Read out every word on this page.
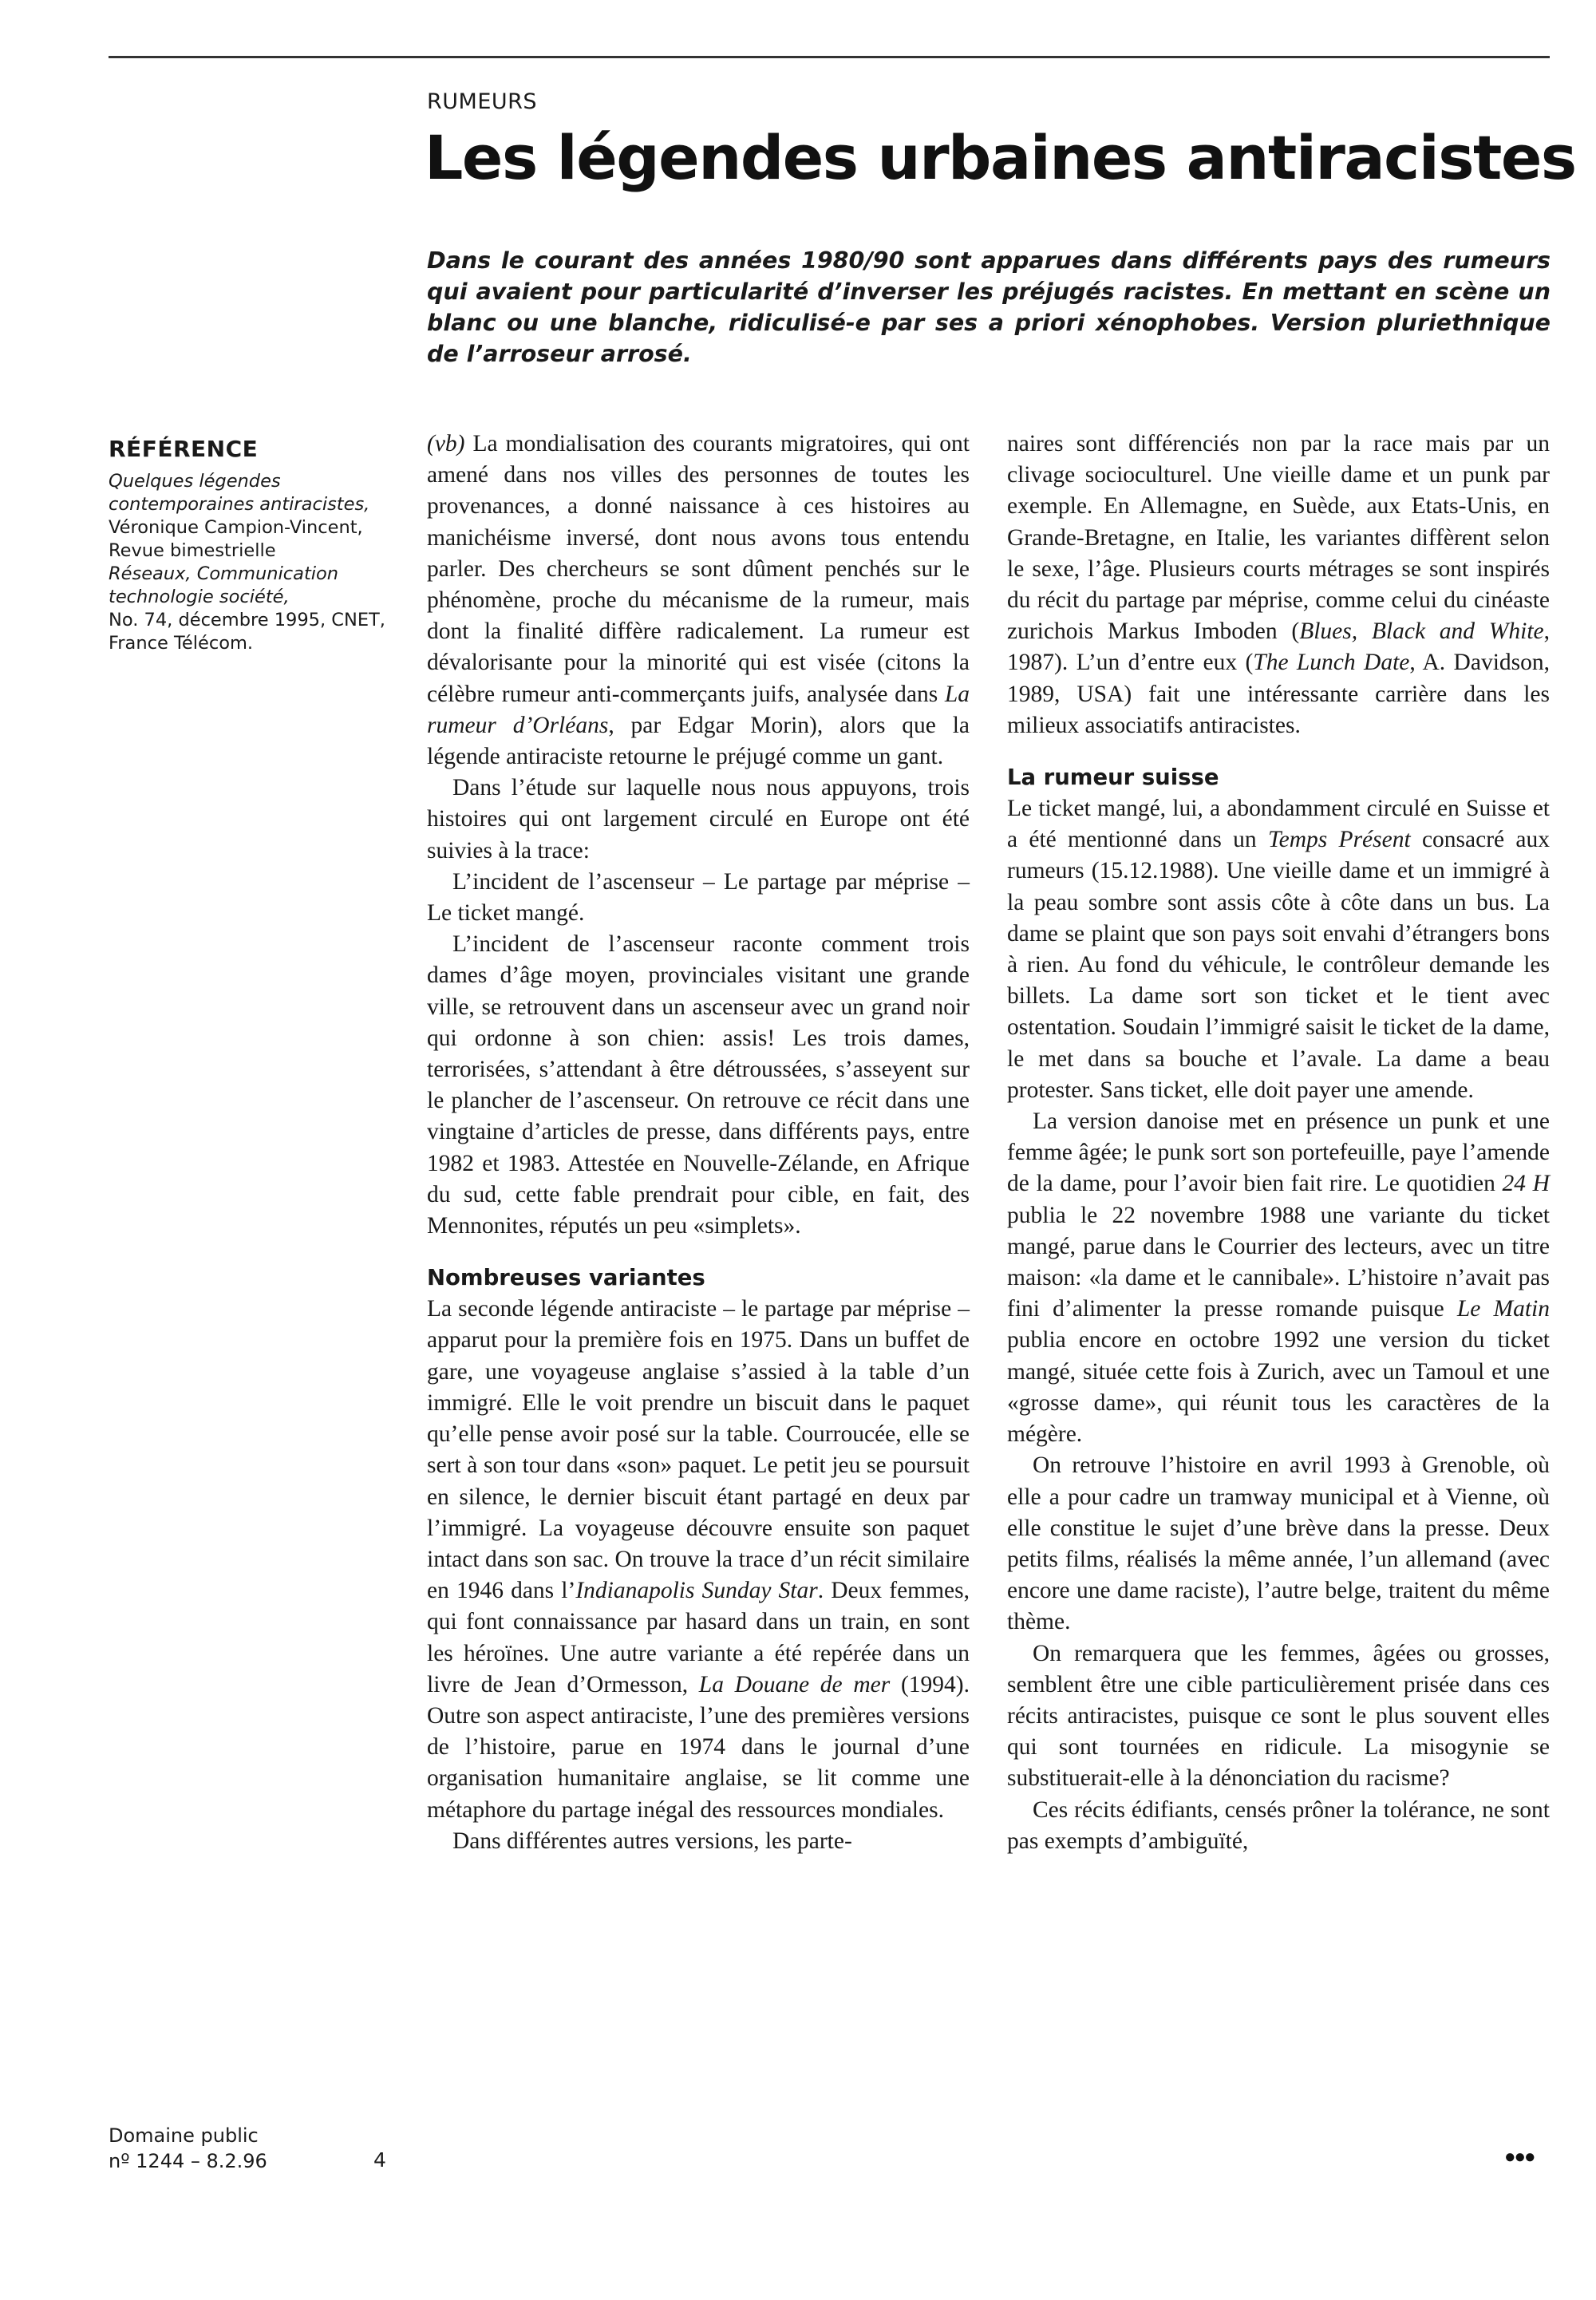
RUMEURS
Les légendes urbaines antiracistes

Dans le courant des années 1980/90 sont apparues dans différents pays des rumeurs qui avaient pour particularité d’inverser les préjugés racistes. En mettant en scène un blanc ou une blanche, ridiculisé-e par ses a priori xénophobes. Version pluriethnique de l’arroseur arrosé.

RÉFÉRENCE

Quelques légendes contemporaines antiracistes,

Véronique Campion-Vincent, Revue bimestrielle

Réseaux, Communication technologie société,

No. 74, décembre 1995, CNET, France Télécom.

Domaine public
nº 1244 – 8.2.96	4

(vb) La mondialisation des courants migratoires, qui ont amené dans nos villes des personnes de toutes les provenances, a donné naissance à ces histoires au manichéisme inversé, dont nous avons tous entendu parler. Des chercheurs se sont dûment penchés sur le phénomène, proche du mécanisme de la rumeur, mais dont la finalité diffère radicalement. La rumeur est dévalorisante pour la minorité qui est visée (citons la célèbre rumeur anti-commerçants juifs, analysée dans La rumeur d’Orléans, par Edgar Morin), alors que la légende antiraciste retourne le préjugé comme un gant.

Dans l’étude sur laquelle nous nous appuyons, trois histoires qui ont largement circulé en Europe ont été suivies à la trace:

L’incident de l’ascenseur – Le partage par méprise – Le ticket mangé.

L’incident de l’ascenseur raconte comment trois dames d’âge moyen, provinciales visitant une grande ville, se retrouvent dans un ascenseur avec un grand noir qui ordonne à son chien: assis! Les trois dames, terrorisées, s’attendant à être détroussées, s’asseyent sur le plancher de l’ascenseur. On retrouve ce récit dans une vingtaine d’articles de presse, dans différents pays, entre 1982 et 1983. Attestée en Nouvelle-Zélande, en Afrique du sud, cette fable prendrait pour cible, en fait, des Mennonites, réputés un peu «simplets».

Nombreuses variantes

La seconde légende antiraciste – le partage par méprise – apparut pour la première fois en 1975. Dans un buffet de gare, une voyageuse anglaise s’assied à la table d’un immigré. Elle le voit prendre un biscuit dans le paquet qu’elle pense avoir posé sur la table. Courroucée, elle se sert à son tour dans «son» paquet. Le petit jeu se poursuit en silence, le dernier biscuit étant partagé en deux par l’immigré. La voyageuse découvre ensuite son paquet intact dans son sac. On trouve la trace d’un récit similaire en 1946 dans l’Indianapolis Sunday Star. Deux femmes, qui font connaissance par hasard dans un train, en sont les héroïnes. Une autre variante a été repérée dans un livre de Jean d’Ormesson, La Douane de mer (1994). Outre son aspect antiraciste, l’une des premières versions de l’histoire, parue en 1974 dans le journal d’une organisation humanitaire anglaise, se lit comme une métaphore du partage inégal des ressources mondiales.

Dans différentes autres versions, les parte-

naires sont différenciés non par la race mais par un clivage socioculturel. Une vieille dame et un punk par exemple. En Allemagne, en Suède, aux Etats-Unis, en Grande-Bretagne, en Italie, les variantes diffèrent selon le sexe, l’âge. Plusieurs courts métrages se sont inspirés du récit du partage par méprise, comme celui du cinéaste zurichois Markus Imboden (Blues, Black and White, 1987). L’un d’entre eux (The Lunch Date, A. Davidson, 1989, USA) fait une intéressante carrière dans les milieux associatifs antiracistes.

La rumeur suisse

Le ticket mangé, lui, a abondamment circulé en Suisse et a été mentionné dans un Temps Présent consacré aux rumeurs (15.12.1988). Une vieille dame et un immigré à la peau sombre sont assis côte à côte dans un bus. La dame se plaint que son pays soit envahi d’étrangers bons à rien. Au fond du véhicule, le contrôleur demande les billets. La dame sort son ticket et le tient avec ostentation. Soudain l’immigré saisit le ticket de la dame, le met dans sa bouche et l’avale. La dame a beau protester. Sans ticket, elle doit payer une amende.

La version danoise met en présence un punk et une femme âgée; le punk sort son portefeuille, paye l’amende de la dame, pour l’avoir bien fait rire. Le quotidien 24 H publia le 22 novembre 1988 une variante du ticket mangé, parue dans le Courrier des lecteurs, avec un titre maison: «la dame et le cannibale». L’histoire n’avait pas fini d’alimenter la presse romande puisque Le Matin publia encore en octobre 1992 une version du ticket mangé, située cette fois à Zurich, avec un Tamoul et une «grosse dame», qui réunit tous les caractères de la mégère.

On retrouve l’histoire en avril 1993 à Grenoble, où elle a pour cadre un tramway municipal et à Vienne, où elle constitue le sujet d’une brève dans la presse. Deux petits films, réalisés la même année, l’un allemand (avec encore une dame raciste), l’autre belge, traitent du même thème.

On remarquera que les femmes, âgées ou grosses, semblent être une cible particulièrement prisée dans ces récits antiracistes, puisque ce sont le plus souvent elles qui sont tournées en ridicule. La misogynie se substituerait-elle à la dénonciation du racisme?

Ces récits édifiants, censés prôner la tolérance, ne sont pas exempts d’ambiguïté,

●●●
